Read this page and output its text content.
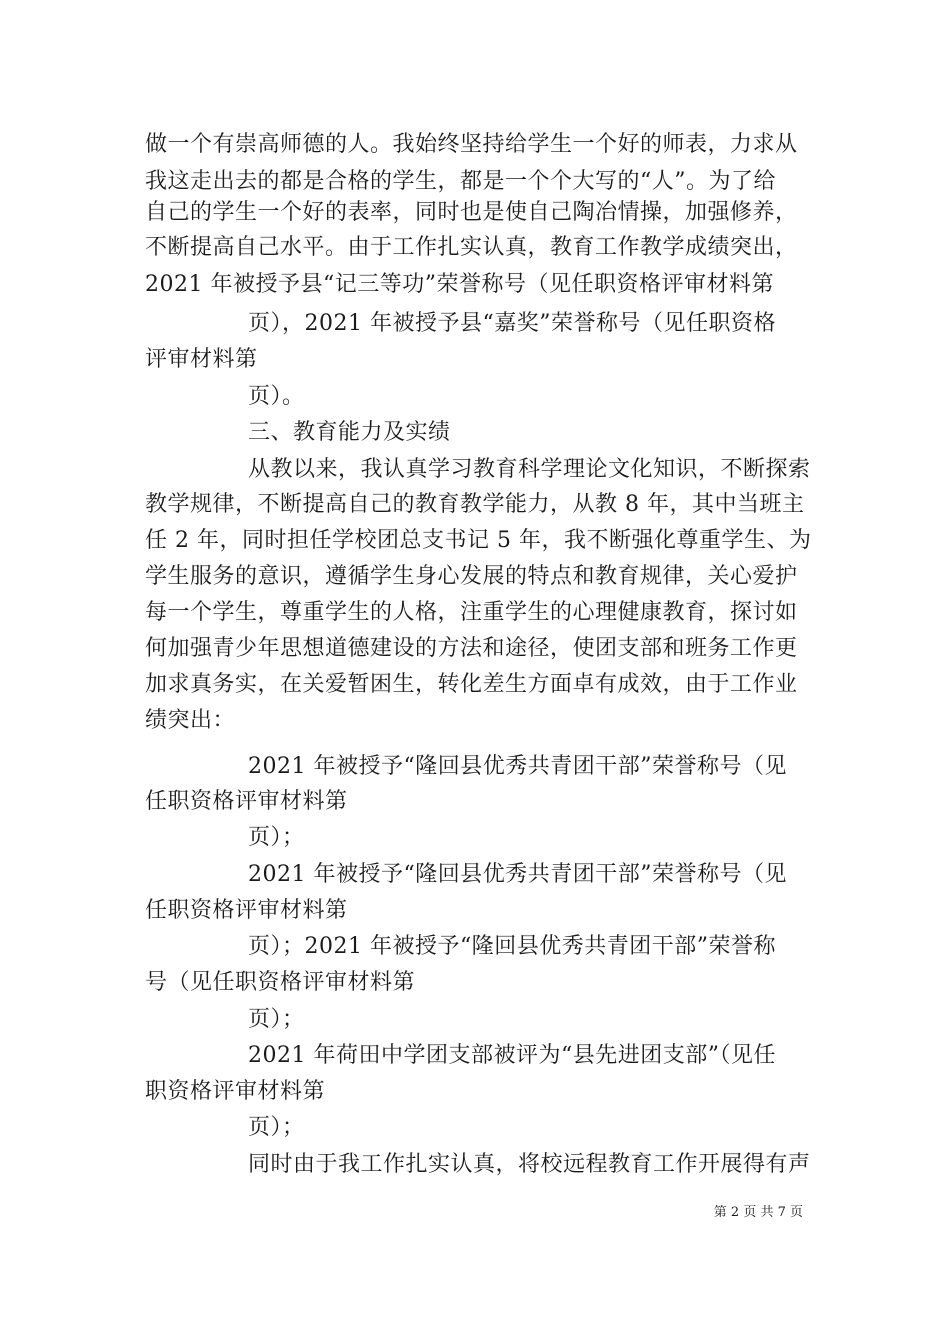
做一个有崇高师德的人。我始终坚持给学生一个好的师表，力求从
我这走出去的都是合格的学生，都是一个个大写的“人”。为了给
自己的学生一个好的表率，同时也是使自己陶冶情操，加强修养，
不断提高自己水平。由于工作扎实认真，教育工作教学成绩突出，
2021 年被授予县“记三等功”荣誉称号（见任职资格评审材料第
页），2021 年被授予县“嘉奖”荣誉称号（见任职资格
评审材料第
页）。
三、教育能力及实绩
从教以来，我认真学习教育科学理论文化知识，不断探索
教学规律，不断提高自己的教育教学能力，从教 8 年，其中当班主
任 2 年，同时担任学校团总支书记 5 年，我不断强化尊重学生、为
学生服务的意识，遵循学生身心发展的特点和教育规律，关心爱护
每一个学生，尊重学生的人格，注重学生的心理健康教育，探讨如
何加强青少年思想道德建设的方法和途径，使团支部和班务工作更
加求真务实，在关爱暂困生，转化差生方面卓有成效，由于工作业
绩突出：
2021 年被授予“隆回县优秀共青团干部”荣誉称号（见
任职资格评审材料第
页）；
2021 年被授予“隆回县优秀共青团干部”荣誉称号（见
任职资格评审材料第
页）；2021 年被授予“隆回县优秀共青团干部”荣誉称
号（见任职资格评审材料第
页）；
2021 年荷田中学团支部被评为“县先进团支部”（见任
职资格评审材料第
页）；
同时由于我工作扎实认真，将校远程教育工作开展得有声
第 2 页 共 7 页
